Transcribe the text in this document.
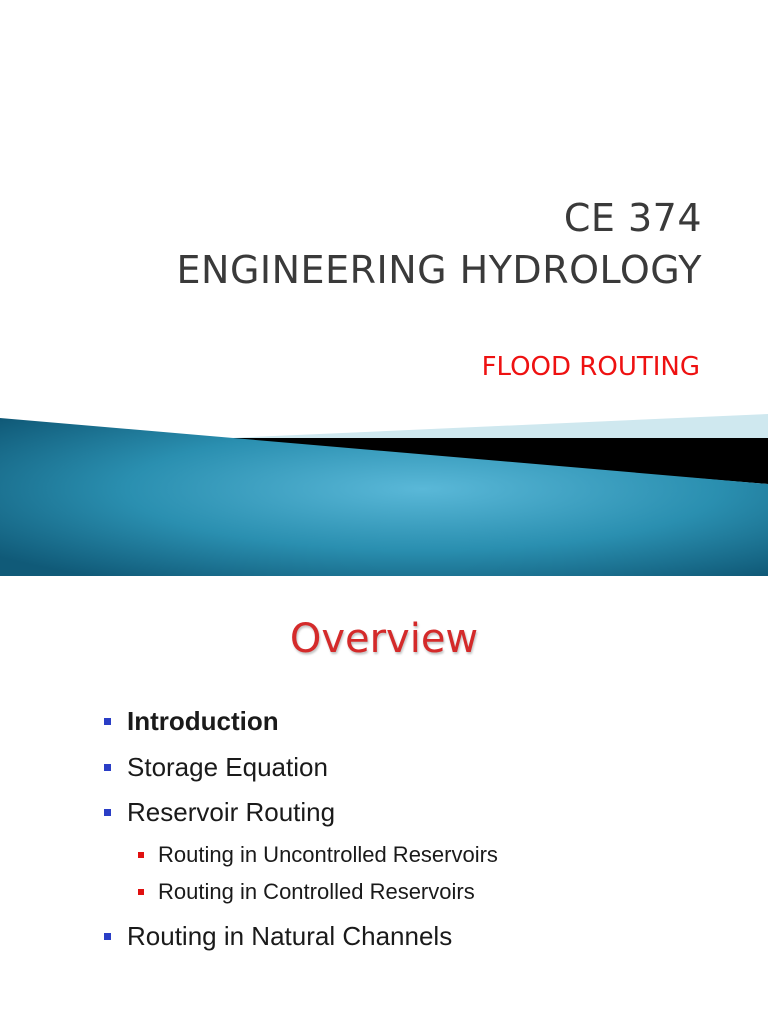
CE 374
ENGINEERING HYDROLOGY
FLOOD ROUTING
Overview
Introduction
Storage Equation
Reservoir Routing
Routing in Uncontrolled Reservoirs
Routing in Controlled Reservoirs
Routing in Natural Channels
